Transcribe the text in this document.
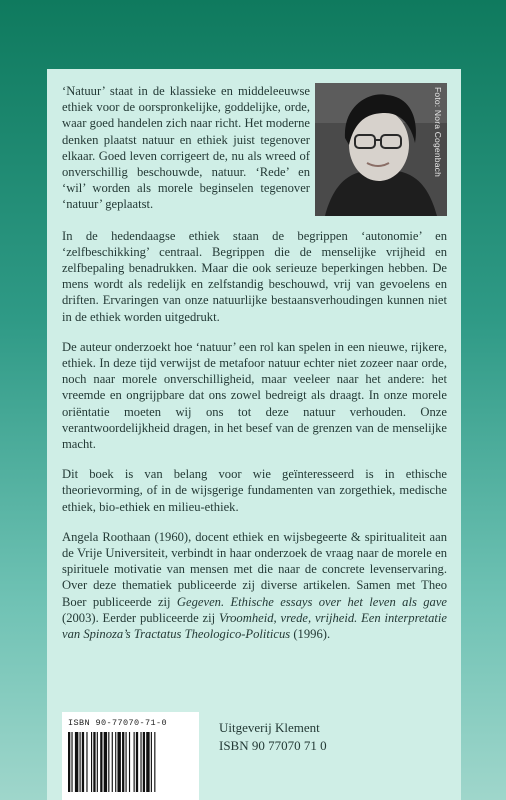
Foto: Nora Cogenbach

‘Natuur’ staat in de klassieke en middeleeuwse ethiek voor de oorspronkelijke, goddelijke, orde, waar goed handelen zich naar richt. Het moderne denken plaatst natuur en ethiek juist tegenover elkaar. Goed leven corrigeert de, nu als wreed of onverschillig beschouwde, natuur. ‘Rede’ en ‘wil’ worden als morele beginselen tegenover ‘natuur’ geplaatst.

In de hedendaagse ethiek staan de begrippen ‘autonomie’ en ‘zelfbeschikking’ centraal. Begrippen die de menselijke vrijheid en zelfbepaling benadrukken. Maar die ook serieuze beperkingen hebben. De mens wordt als redelijk en zelfstandig beschouwd, vrij van gevoelens en driften. Ervaringen van onze natuurlijke bestaansverhoudingen kunnen niet in de ethiek worden uitgedrukt.

De auteur onderzoekt hoe ‘natuur’ een rol kan spelen in een nieuwe, rijkere, ethiek. In deze tijd verwijst de metafoor natuur echter niet zozeer naar orde, noch naar morele onverschilligheid, maar veeleer naar het andere: het vreemde en ongrijpbare dat ons zowel bedreigt als draagt. In onze morele oriëntatie moeten wij ons tot deze natuur verhouden. Onze verantwoordelijkheid dragen, in het besef van de grenzen van de menselijke macht.

Dit boek is van belang voor wie geïnteresseerd is in ethische theorievorming, of in de wijsgerige fundamenten van zorgethiek, medische ethiek, bio-ethiek en milieu-ethiek.

Angela Roothaan (1960), docent ethiek en wijsbegeerte & spiritualiteit aan de Vrije Universiteit, verbindt in haar onderzoek de vraag naar de morele en spirituele motivatie van mensen met die naar de concrete levenservaring. Over deze thematiek publiceerde zij diverse artikelen. Samen met Theo Boer publiceerde zij Gegeven. Ethische essays over het leven als gave (2003). Eerder publiceerde zij Vroomheid, vrede, vrijheid. Een interpretatie van Spinoza’s Tractatus Theologico-Politicus (1996).

ISBN 90-77070-71-0	Uitgeverij Klement
ISBN 90 77070 71 0
